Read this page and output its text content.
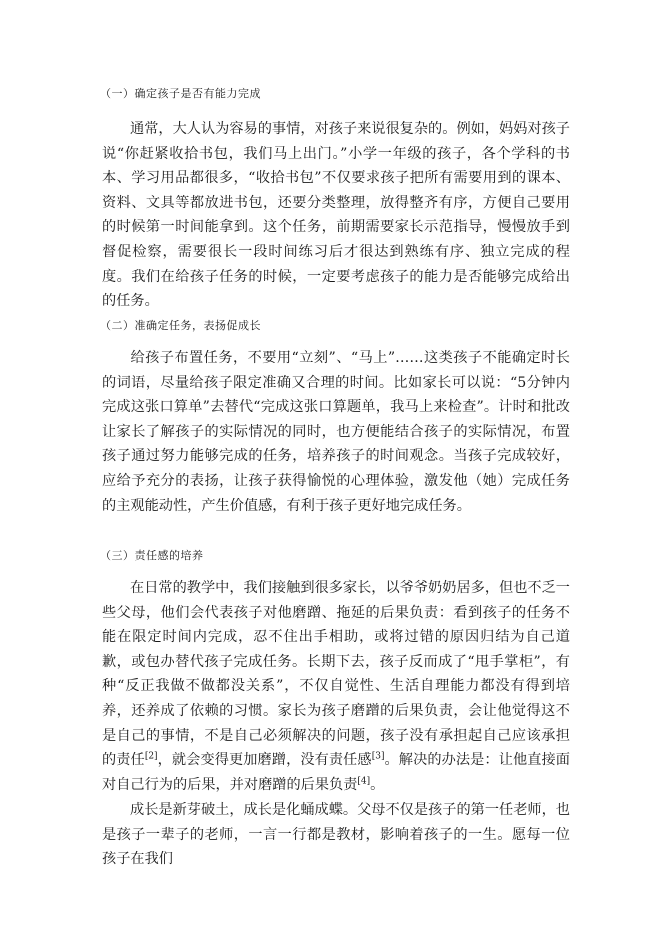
（一）确定孩子是否有能力完成

通常，大人认为容易的事情，对孩子来说很复杂的。例如，妈妈对孩子说“你赶紧收拾书包，我们马上出门。”小学一年级的孩子，各个学科的书本、学习用品都很多，“收拾书包”不仅要求孩子把所有需要用到的课本、资料、文具等都放进书包，还要分类整理，放得整齐有序，方便自己要用的时候第一时间能拿到。这个任务，前期需要家长示范指导，慢慢放手到督促检察，需要很长一段时间练习后才很达到熟练有序、独立完成的程度。我们在给孩子任务的时候，一定要考虑孩子的能力是否能够完成给出的任务。

（二）准确定任务，表扬促成长

给孩子布置任务，不要用“立刻”、“马上”……这类孩子不能确定时长的词语，尽量给孩子限定准确又合理的时间。比如家长可以说：“5分钟内完成这张口算单”去替代“完成这张口算题单，我马上来检查”。计时和批改让家长了解孩子的实际情况的同时，也方便能结合孩子的实际情况，布置孩子通过努力能够完成的任务，培养孩子的时间观念。当孩子完成较好，应给予充分的表扬，让孩子获得愉悦的心理体验，激发他（她）完成任务的主观能动性，产生价值感，有利于孩子更好地完成任务。

（三）责任感的培养

在日常的教学中，我们接触到很多家长，以爷爷奶奶居多，但也不乏一些父母，他们会代表孩子对他磨蹭、拖延的后果负责：看到孩子的任务不能在限定时间内完成，忍不住出手相助，或将过错的原因归结为自己道歉，或包办替代孩子完成任务。长期下去，孩子反而成了“甩手掌柜”，有种“反正我做不做都没关系”，不仅自觉性、生活自理能力都没有得到培养，还养成了依赖的习惯。家长为孩子磨蹭的后果负责，会让他觉得这不是自己的事情，不是自己必须解决的问题，孩子没有承担起自己应该承担的责任[2]，就会变得更加磨蹭，没有责任感[3]。解决的办法是：让他直接面对自己行为的后果，并对磨蹭的后果负责[4]。

成长是新芽破土，成长是化蛹成蝶。父母不仅是孩子的第一任老师，也是孩子一辈子的老师，一言一行都是教材，影响着孩子的一生。愿每一位孩子在我们
